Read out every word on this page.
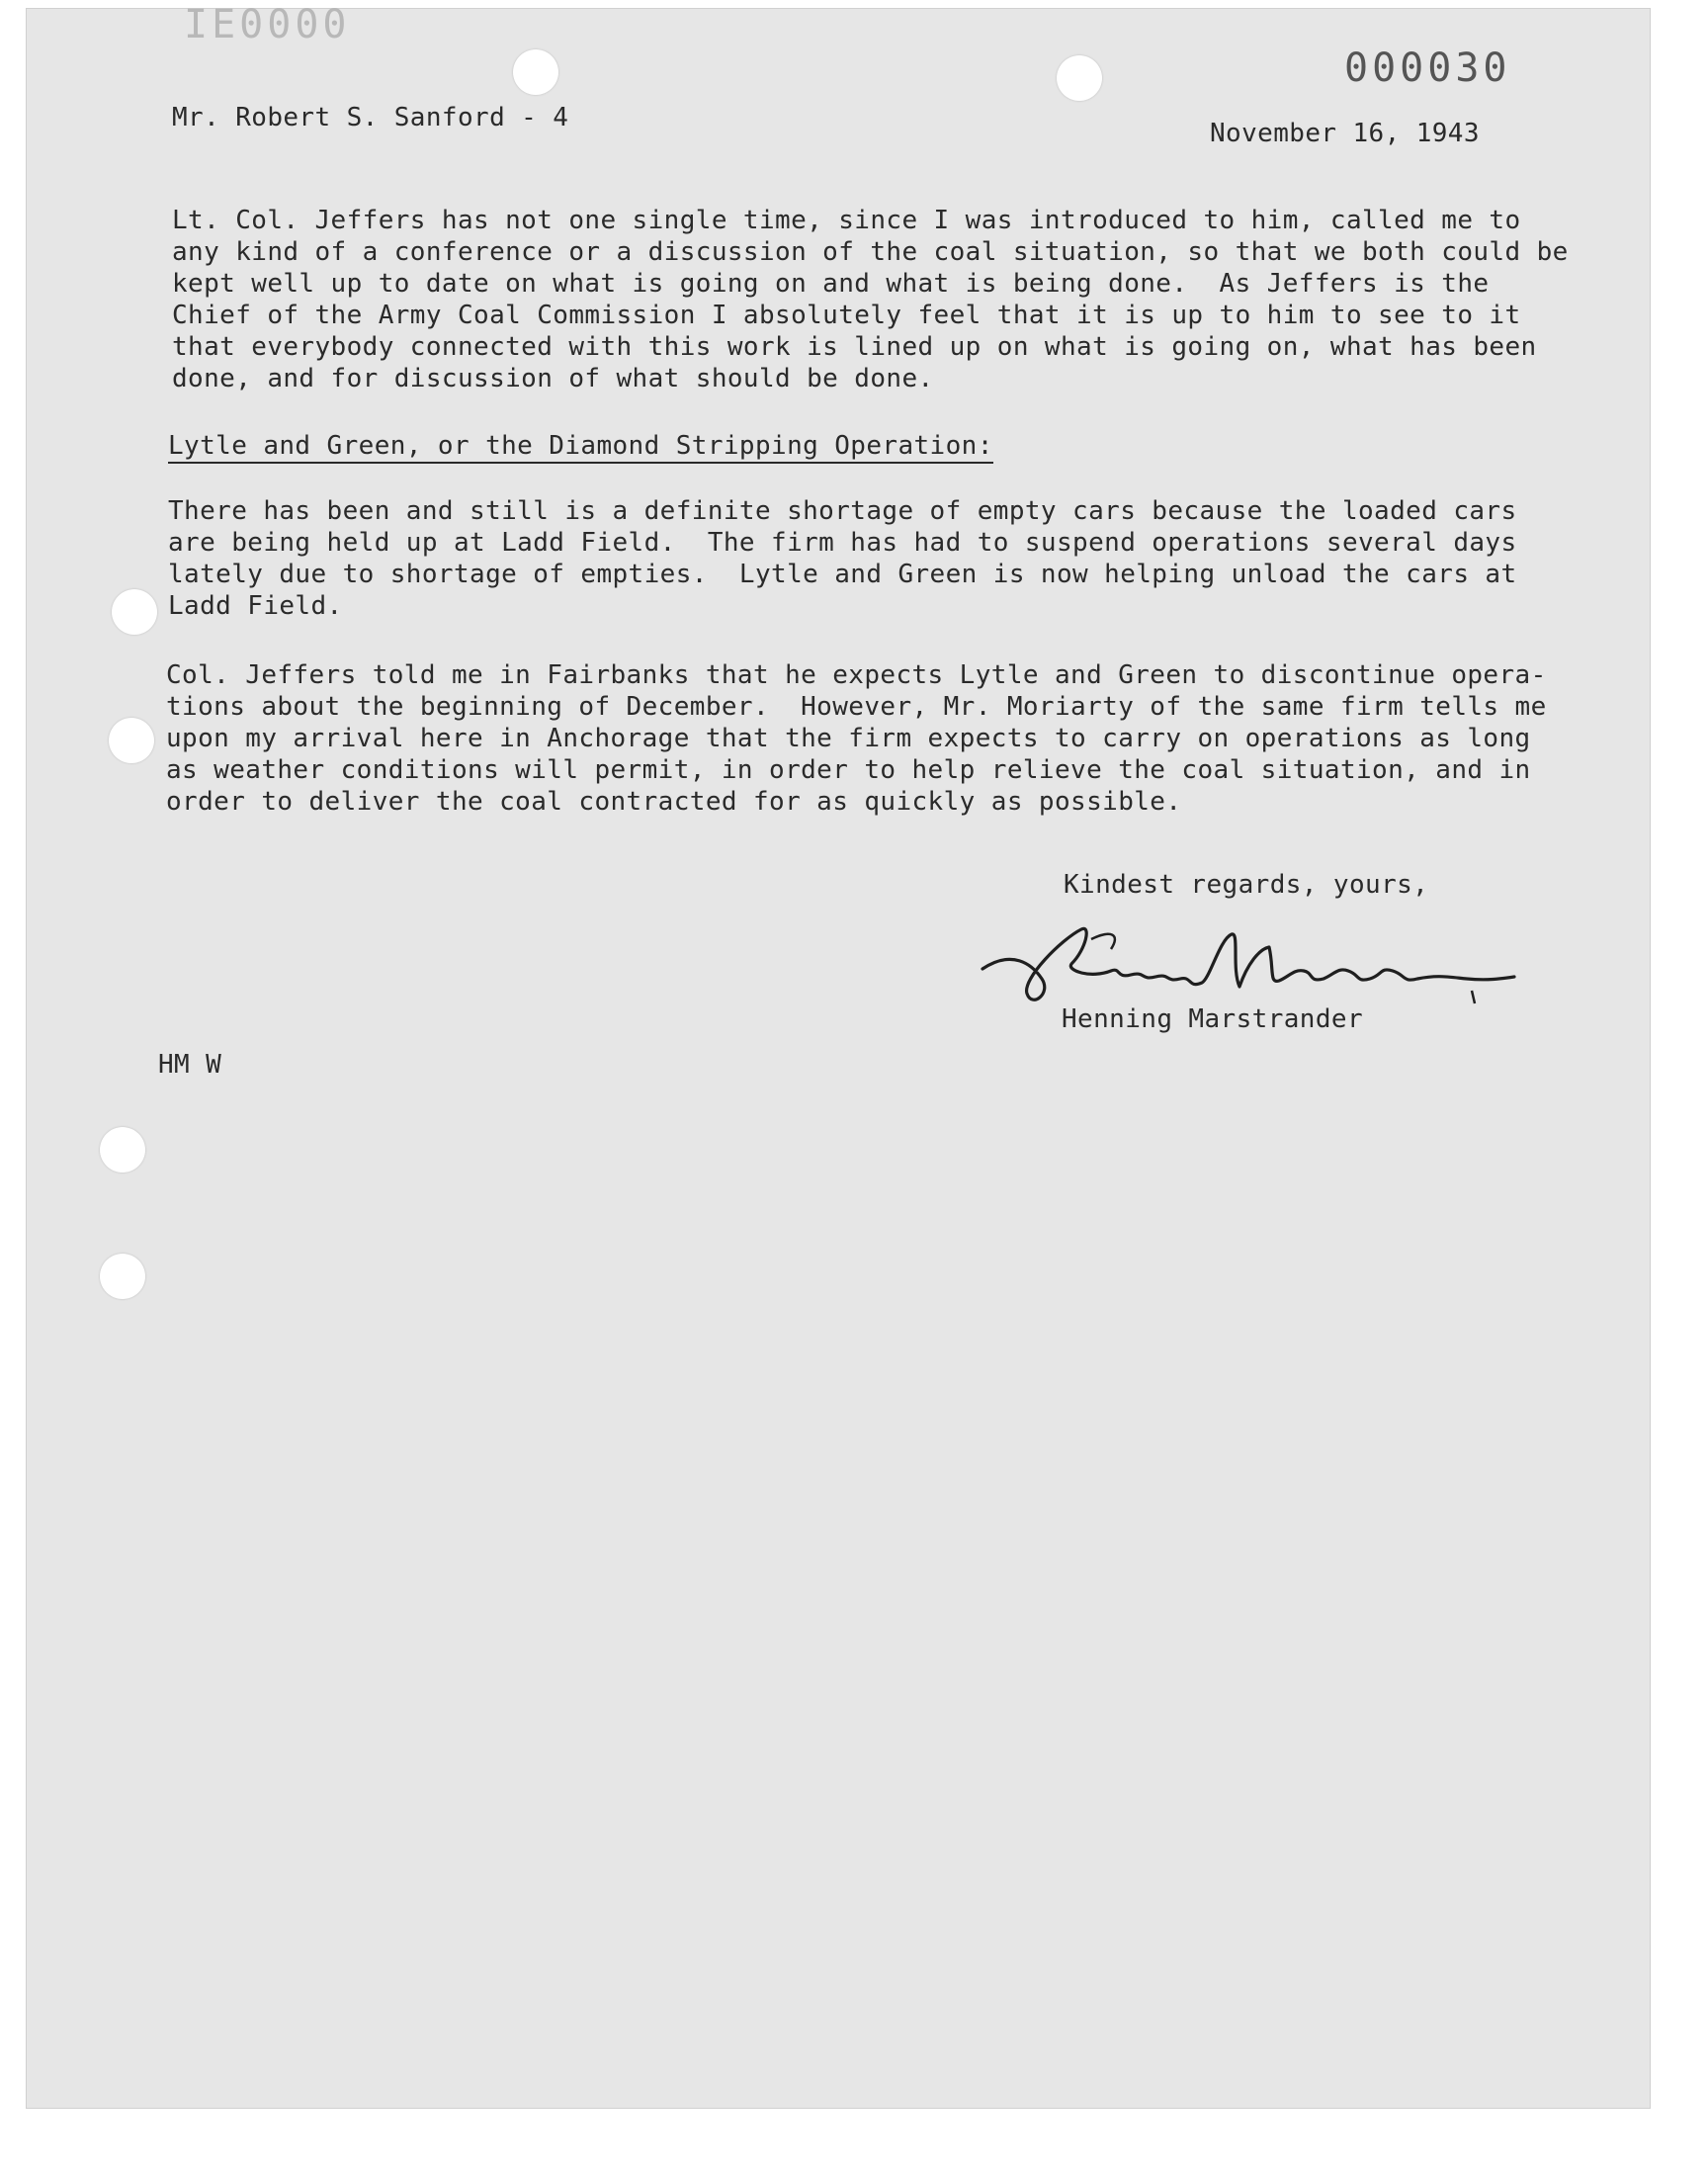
IE0000
000030
Mr. Robert S. Sanford - 4
November 16, 1943
Lt. Col. Jeffers has not one single time, since I was introduced to him, called me to
any kind of a conference or a discussion of the coal situation, so that we both could be
kept well up to date on what is going on and what is being done.  As Jeffers is the
Chief of the Army Coal Commission I absolutely feel that it is up to him to see to it
that everybody connected with this work is lined up on what is going on, what has been
done, and for discussion of what should be done.
Lytle and Green, or the Diamond Stripping Operation:
There has been and still is a definite shortage of empty cars because the loaded cars
are being held up at Ladd Field.  The firm has had to suspend operations several days
lately due to shortage of empties.  Lytle and Green is now helping unload the cars at
Ladd Field.
Col. Jeffers told me in Fairbanks that he expects Lytle and Green to discontinue opera-
tions about the beginning of December.  However, Mr. Moriarty of the same firm tells me
upon my arrival here in Anchorage that the firm expects to carry on operations as long
as weather conditions will permit, in order to help relieve the coal situation, and in
order to deliver the coal contracted for as quickly as possible.
Kindest regards, yours,
Henning Marstrander
HM W
